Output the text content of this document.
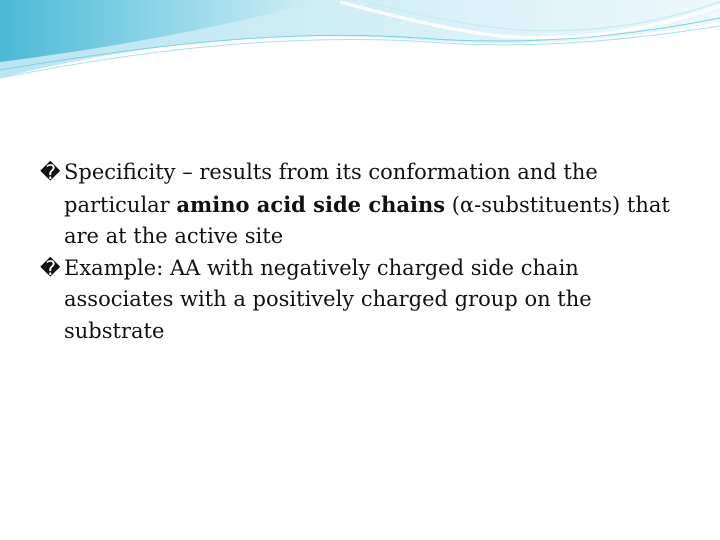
� Specificity – results from its conformation and the particular amino acid side chains (α-substituents) that are at the active site

� Example: AA with negatively charged side chain associates with a positively charged group on the substrate
